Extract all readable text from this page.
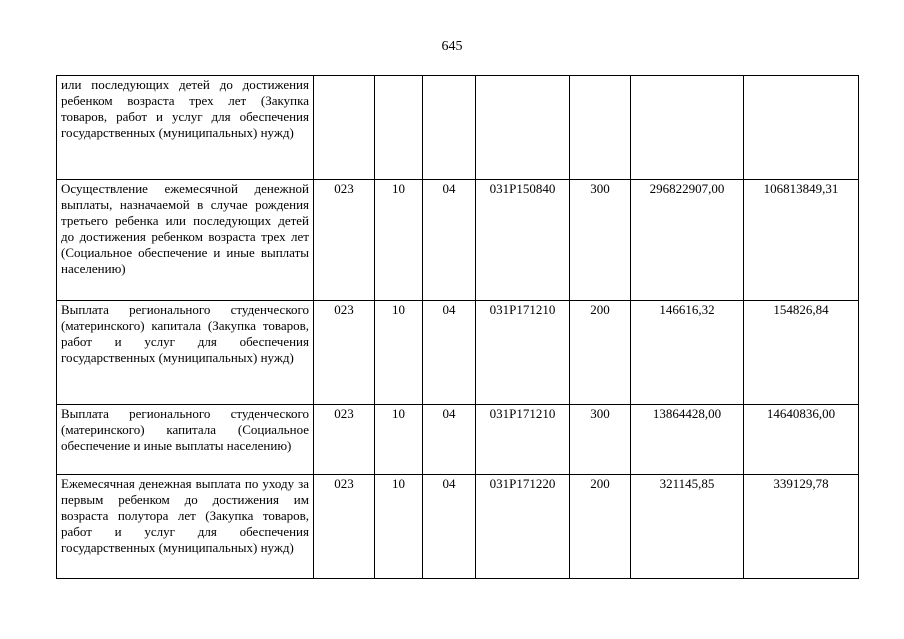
645
или последующих детей до достижения ребенком возраста трех лет (Закупка товаров, работ и услуг для обеспечения государственных (муниципальных) нужд)							
Осуществление ежемесячной денежной выплаты, назначаемой в случае рождения третьего ребенка или последующих детей до достижения ребенком возраста трех лет (Социальное обеспечение и иные выплаты населению)	023	10	04	031P150840	300	296822907,00	106813849,31
Выплата регионального студенческого (материнского) капитала (Закупка товаров, работ и услуг для обеспечения государственных (муниципальных) нужд)	023	10	04	031P171210	200	146616,32	154826,84
Выплата регионального студенческого (материнского) капитала (Социальное обеспечение и иные выплаты населению)	023	10	04	031P171210	300	13864428,00	14640836,00
Ежемесячная денежная выплата по уходу за первым ребенком до достижения им возраста полутора лет (Закупка товаров, работ и услуг для обеспечения государственных (муниципальных) нужд)	023	10	04	031P171220	200	321145,85	339129,78
